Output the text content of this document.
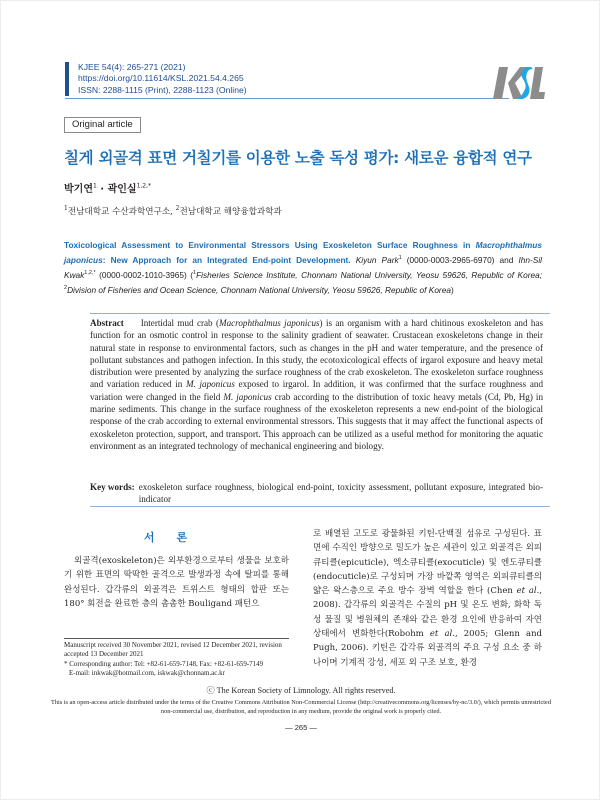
KJEE 54(4): 265-271 (2021)
https://doi.org/10.11614/KSL.2021.54.4.265
ISSN: 2288-1115 (Print), 2288-1123 (Online)
Original article
칠게 외골격 표면 거칠기를 이용한 노출 독성 평가: 새로운 융합적 연구
박기연$^1$ · 곽인실$^{1,2,*}$
$^1$전남대학교 수산과학연구소, $^2$전남대학교 해양융합과학과
Toxicological Assessment to Environmental Stressors Using Exoskeleton Surface Roughness in Macrophthalmus japonicus: New Approach for an Integrated End-point Development. Kiyun Park$^1$ (0000-0003-2965-6970) and Ihn-Sil Kwak$^{1,2,*}$ (0000-0002-1010-3965) ($^1$Fisheries Science Institute, Chonnam National University, Yeosu 59626, Republic of Korea; $^2$Division of Fisheries and Ocean Science, Chonnam National University, Yeosu 59626, Republic of Korea)
Abstract Intertidal mud crab (Macrophthalmus japonicus) is an organism with a hard chitinous exoskeleton and has function for an osmotic control in response to the salinity gradient of seawater. Crustacean exoskeletons change in their natural state in response to environmental factors, such as changes in the pH and water temperature, and the presence of pollutant substances and pathogen infection. In this study, the ecotoxicological effects of irgarol exposure and heavy metal distribution were presented by analyzing the surface roughness of the crab exoskeleton. The exoskeleton surface roughness and variation reduced in M. japonicus exposed to irgarol. In addition, it was confirmed that the surface roughness and variation were changed in the field M. japonicus crab according to the distribution of toxic heavy metals (Cd, Pb, Hg) in marine sediments. This change in the surface roughness of the exoskeleton represents a new end-point of the biological response of the crab according to external environmental stressors. This suggests that it may affect the functional aspects of exoskeleton protection, support, and transport. This approach can be utilized as a useful method for monitoring the aquatic environment as an integrated technology of mechanical engineering and biology.
Key words: exoskeleton surface roughness, biological end-point, toxicity assessment, pollutant exposure, integrated bio-indicator
서론
외골격(exoskeleton)은 외부환경으로부터 생물을 보호하기 위한 표면의 딱딱한 골격으로 발생과정 속에 탈피를 통해 완성된다. 갑각류의 외골격은 트위스트 형태의 합판 또는 180° 회전을 완료한 층의 촘촘한 Bouligand 패턴으
Manuscript received 30 November 2021, revised 12 December 2021, revision accepted 13 December 2021
* Corresponding author: Tel: +82-61-659-7148, Fax: +82-61-659-7149
E-mail: inkwak@hotmail.com, iskwak@chonnam.ac.kr
로 배열된 고도로 광물화된 키틴-단백질 섬유로 구성된다. 표면에 수직인 방향으로 밀도가 높은 세관이 있고 외골격은 외피큐티클(epicuticle), 엑소큐티클(exocuticle) 및 엔도큐티클(endocuticle)로 구성되며 가장 바깥쪽 영역은 외피큐티클의 얇은 왁스층으로 주요 방수 장벽 역할을 한다 (Chen et al., 2008). 갑각류의 외골격은 수질의 pH 및 온도 변화, 화학 독성 물질 및 병원체의 존재와 같은 환경 요인에 반응하여 자연 상태에서 변화한다(Robohm et al., 2005; Glenn and Pugh, 2006). 키틴은 갑각류 외골격의 주요 구성 요소 중 하나이며 기계적 강성, 세포 외 구조 보호, 환경
ⓒ The Korean Society of Limnology. All rights reserved.
This is an open-access article distributed under the terms of the Creative Commons Attribution Non-Commercial License (http://creativecommons.org/licenses/by-nc/3.0/), which permits unrestricted non-commercial use, distribution, and reproduction in any medium, provide the original work is properly cited.
— 265 —
